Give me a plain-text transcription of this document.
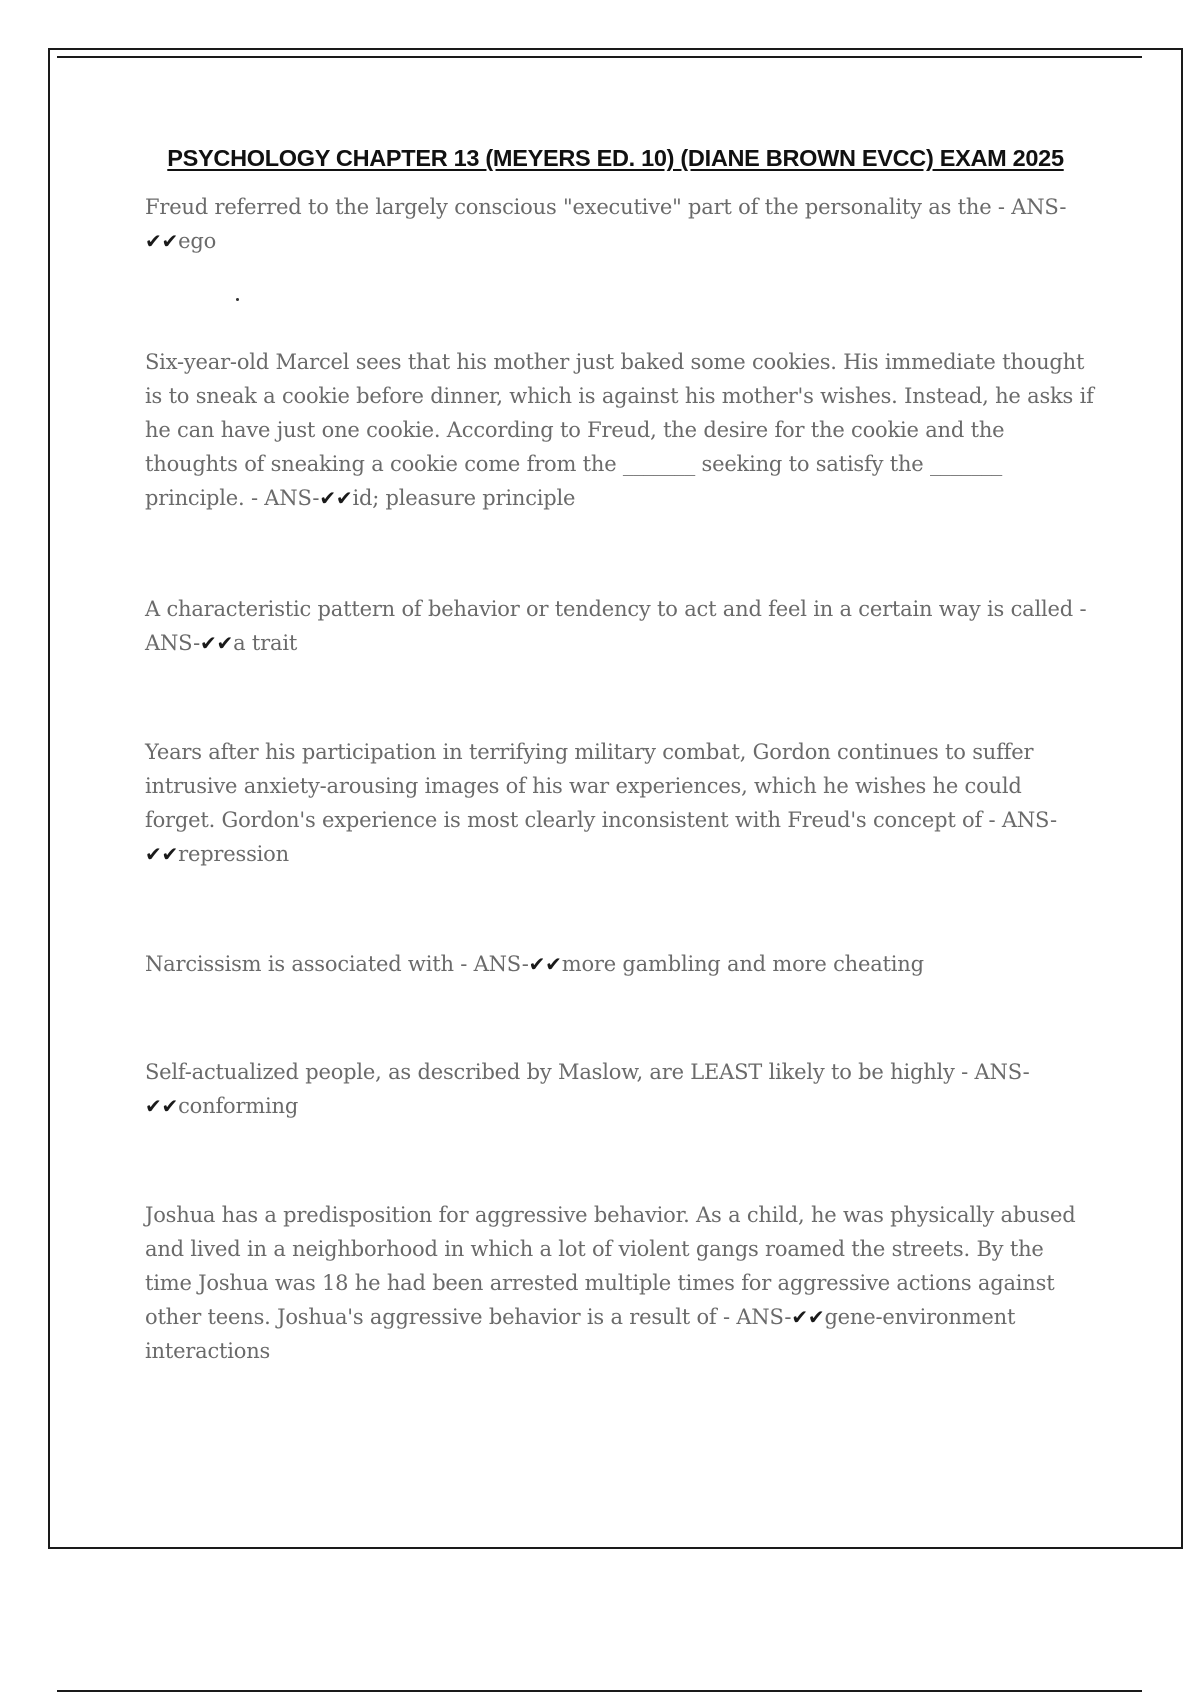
PSYCHOLOGY CHAPTER 13 (MEYERS ED. 10) (DIANE BROWN EVCC) EXAM 2025

Freud referred to the largely conscious "executive" part of the personality as the - ANS-✔✔ego

Six-year-old Marcel sees that his mother just baked some cookies. His immediate thought is to sneak a cookie before dinner, which is against his mother's wishes. Instead, he asks if he can have just one cookie. According to Freud, the desire for the cookie and the thoughts of sneaking a cookie come from the _______ seeking to satisfy the _______ principle. - ANS-✔✔id; pleasure principle

A characteristic pattern of behavior or tendency to act and feel in a certain way is called - ANS-✔✔a trait

Years after his participation in terrifying military combat, Gordon continues to suffer intrusive anxiety-arousing images of his war experiences, which he wishes he could forget. Gordon's experience is most clearly inconsistent with Freud's concept of - ANS-✔✔repression

Narcissism is associated with - ANS-✔✔more gambling and more cheating

Self-actualized people, as described by Maslow, are LEAST likely to be highly - ANS-✔✔conforming

Joshua has a predisposition for aggressive behavior. As a child, he was physically abused and lived in a neighborhood in which a lot of violent gangs roamed the streets. By the time Joshua was 18 he had been arrested multiple times for aggressive actions against other teens. Joshua's aggressive behavior is a result of - ANS-✔✔gene-environment interactions
